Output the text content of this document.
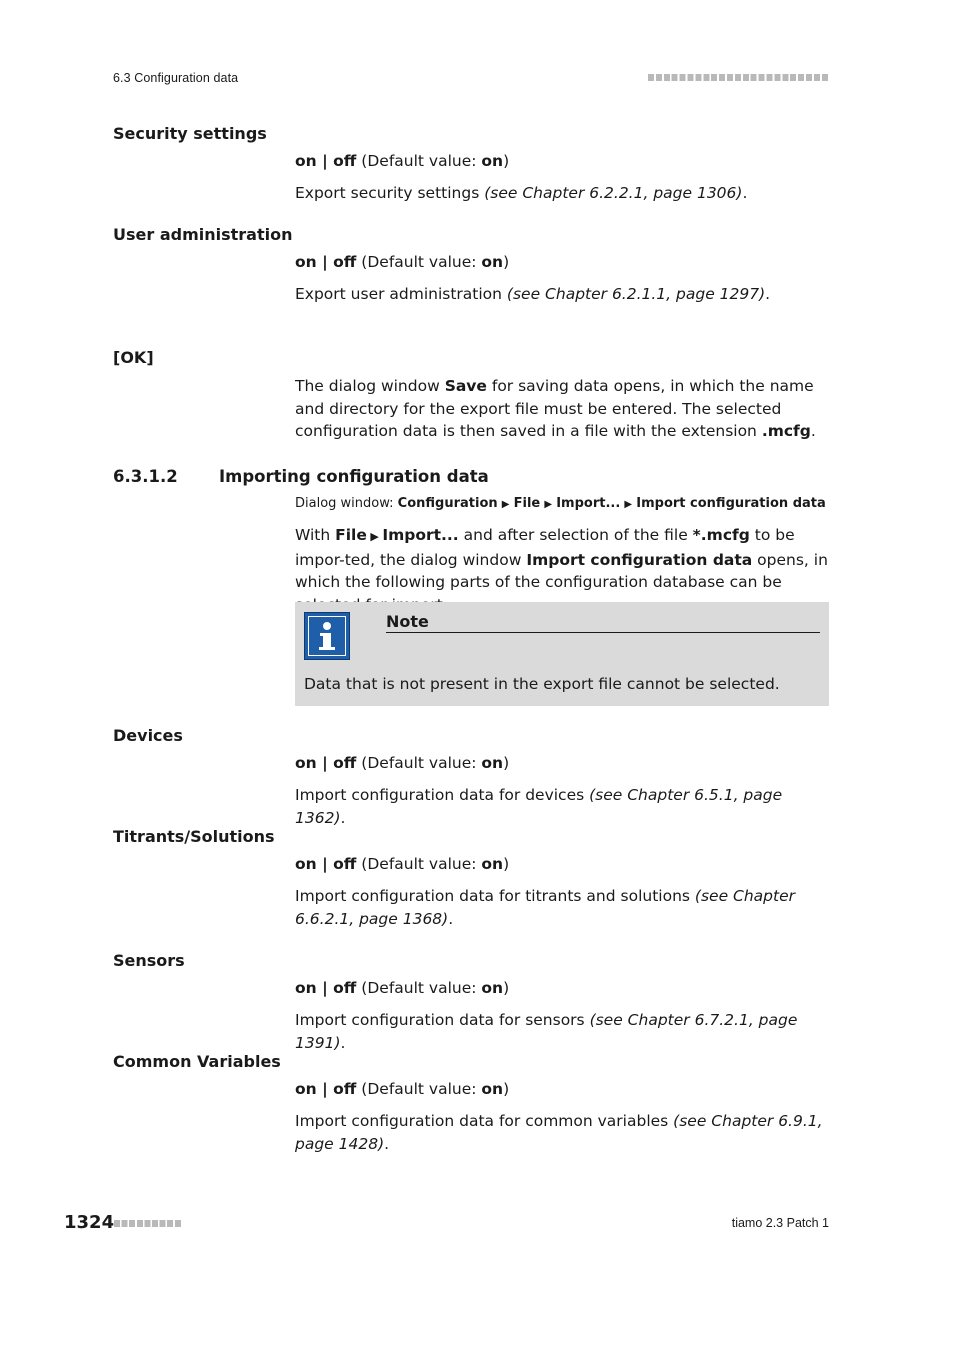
6.3 Configuration data
Security settings
on | off (Default value: on)
Export security settings (see Chapter 6.2.2.1, page 1306).
User administration
on | off (Default value: on)
Export user administration (see Chapter 6.2.1.1, page 1297).
[OK]
The dialog window Save for saving data opens, in which the name and directory for the export file must be entered. The selected configuration data is then saved in a file with the extension .mcfg.
6.3.1.2	Importing configuration data
Dialog window: Configuration ▶ File ▶ Import... ▶ Import configuration data
With File ▶ Import... and after selection of the file *.mcfg to be impor-ted, the dialog window Import configuration data opens, in which the following parts of the configuration database can be
Note
Data that is not present in the export file cannot be selected.
Devices
on | off (Default value: on)
Import configuration data for devices (see Chapter 6.5.1, page 1362).
Titrants/Solutions
on | off (Default value: on)
Import configuration data for titrants and solutions (see Chapter 6.6.2.1, page 1368).
Sensors
on | off (Default value: on)
Import configuration data for sensors (see Chapter 6.7.2.1, page 1391).
Common Variables
on | off (Default value: on)
Import configuration data for common variables (see Chapter 6.9.1, page 1428).
1324	tiamo 2.3 Patch 1
